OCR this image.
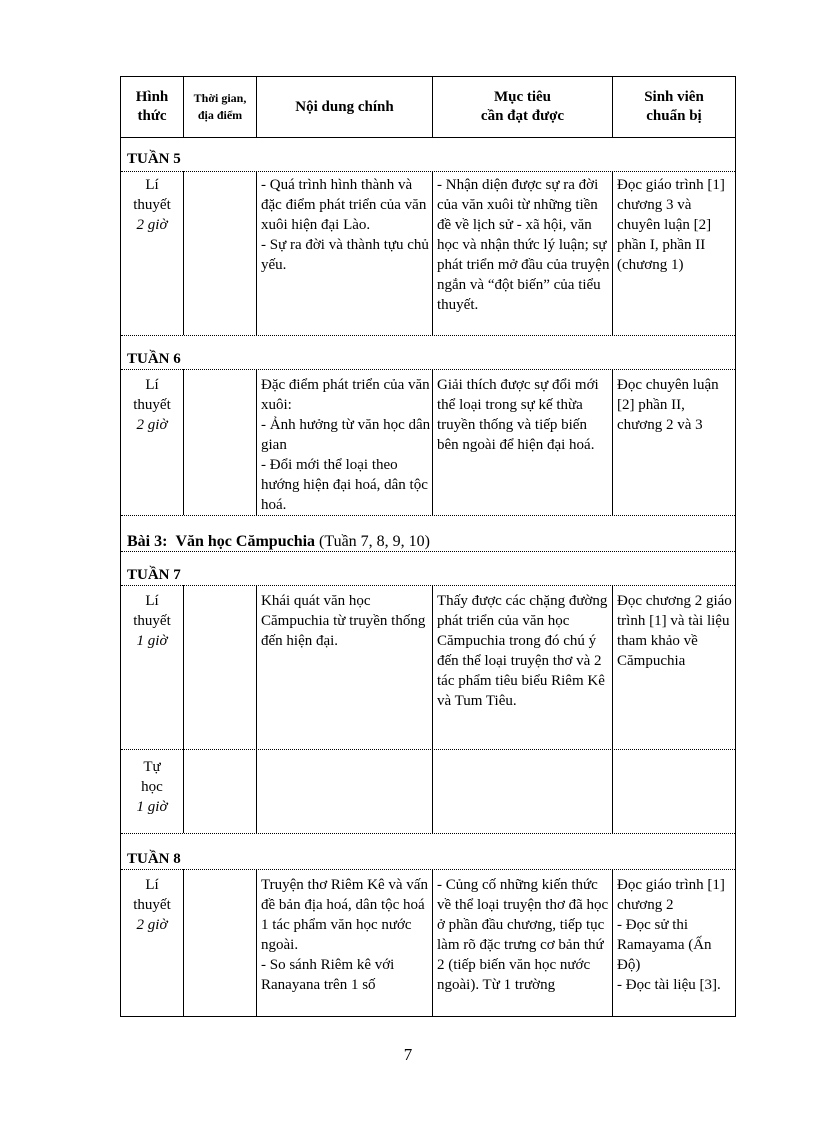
Hình
thức
Thời gian,
địa điểm
Nội dung chính
Mục tiêu
cần đạt được
Sinh viên
chuẩn bị
TUẦN 5
Lí
thuyết
2 giờ
- Quá trình hình thành và đặc điểm phát triển của văn xuôi hiện đại Lào.
- Sự ra đời và thành tựu chủ yếu.
- Nhận diện được sự ra đời của văn xuôi từ những tiền đề về lịch sử - xã hội, văn học và nhận thức lý luận; sự phát triển mở đầu của truyện ngắn và “đột biến” của tiểu thuyết.
Đọc giáo trình [1] chương 3 và chuyên luận [2] phần I, phần II (chương 1)
TUẦN 6
Lí
thuyết
2 giờ
Đặc điểm phát triển của văn xuôi:
- Ảnh hưởng từ văn học dân gian
- Đổi mới thể loại theo hướng hiện đại hoá, dân tộc hoá.
Giải thích được sự đổi mới thể loại trong sự kế thừa truyền thống và tiếp biến bên ngoài để hiện đại hoá.
Đọc chuyên luận [2] phần II, chương 2 và 3
Bài 3: Văn học Cămpuchia (Tuần 7, 8, 9, 10)
TUẦN 7
Lí
thuyết
1 giờ
Khái quát văn học Cămpuchia từ truyền thống đến hiện đại.
Thấy được các chặng đường phát triển của văn học Cămpuchia trong đó chú ý đến thể loại truyện thơ và 2 tác phẩm tiêu biểu Riêm Kê và Tum Tiêu.
Đọc chương 2 giáo trình [1] và tài liệu tham khảo về Cămpuchia
Tự
học
1 giờ
TUẦN 8
Lí
thuyết
2 giờ
Truyện thơ Riêm Kê và vấn đề bản địa hoá, dân tộc hoá 1 tác phẩm văn học nước ngoài.
- So sánh Riêm kê với Ranayana trên 1 số
- Củng cố những kiến thức về thể loại truyện thơ đã học ở phần đầu chương, tiếp tục làm rõ đặc trưng cơ bản thứ 2 (tiếp biến văn học nước ngoài). Từ 1 trường
Đọc giáo trình [1] chương 2
- Đọc sử thi Ramayama (Ấn Độ)
- Đọc tài liệu [3].
7
